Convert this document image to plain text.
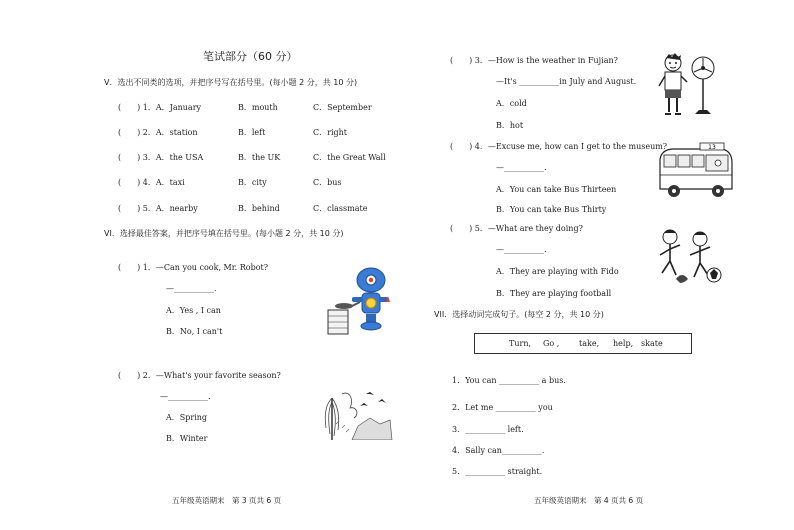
笔试部分（60 分）
V．选出不同类的选项，并把序号写在括号里。(每小题 2 分，共 10 分)
(　　) 1．A．January	B．mouth	C．September
(　　) 2．A．station	B．left	C．right
(　　) 3．A．the USA	B．the UK	C．the Great Wall
(　　) 4．A．taxi	B．city	C．bus
(　　) 5．A．nearby	B．behind	C．classmate
VI．选择最佳答案，并把序号填在括号里。(每小题 2 分，共 10 分)
(　　) 1．—Can you cook, Mr. Robot?
—__________.
A．Yes , I can
B．No, I can't
(　　) 2．—What's your favorite season?
—__________.
A．Spring
B．Winter
五年级英语期末　第 3 页共 6 页
(　　) 3．—How is the weather in Fujian?
—It's __________in July and August.
A．cold
B．hot
(　　) 4．—Excuse me, how can I get to the museum?
—__________.
A．You can take Bus Thirteen
B．You can take Bus Thirty
13
(　　) 5．—What are they doing?
—__________.
A．They are playing with Fido
B．They are playing football
VII．选择动词完成句子。(每空 2 分，共 10 分)
Turn, Go , take, help, skate
1．You can __________ a bus.
2．Let me __________ you
3．__________ left.
4．Sally can__________.
5．__________ straight.
五年级英语期末　第 4 页共 6 页
